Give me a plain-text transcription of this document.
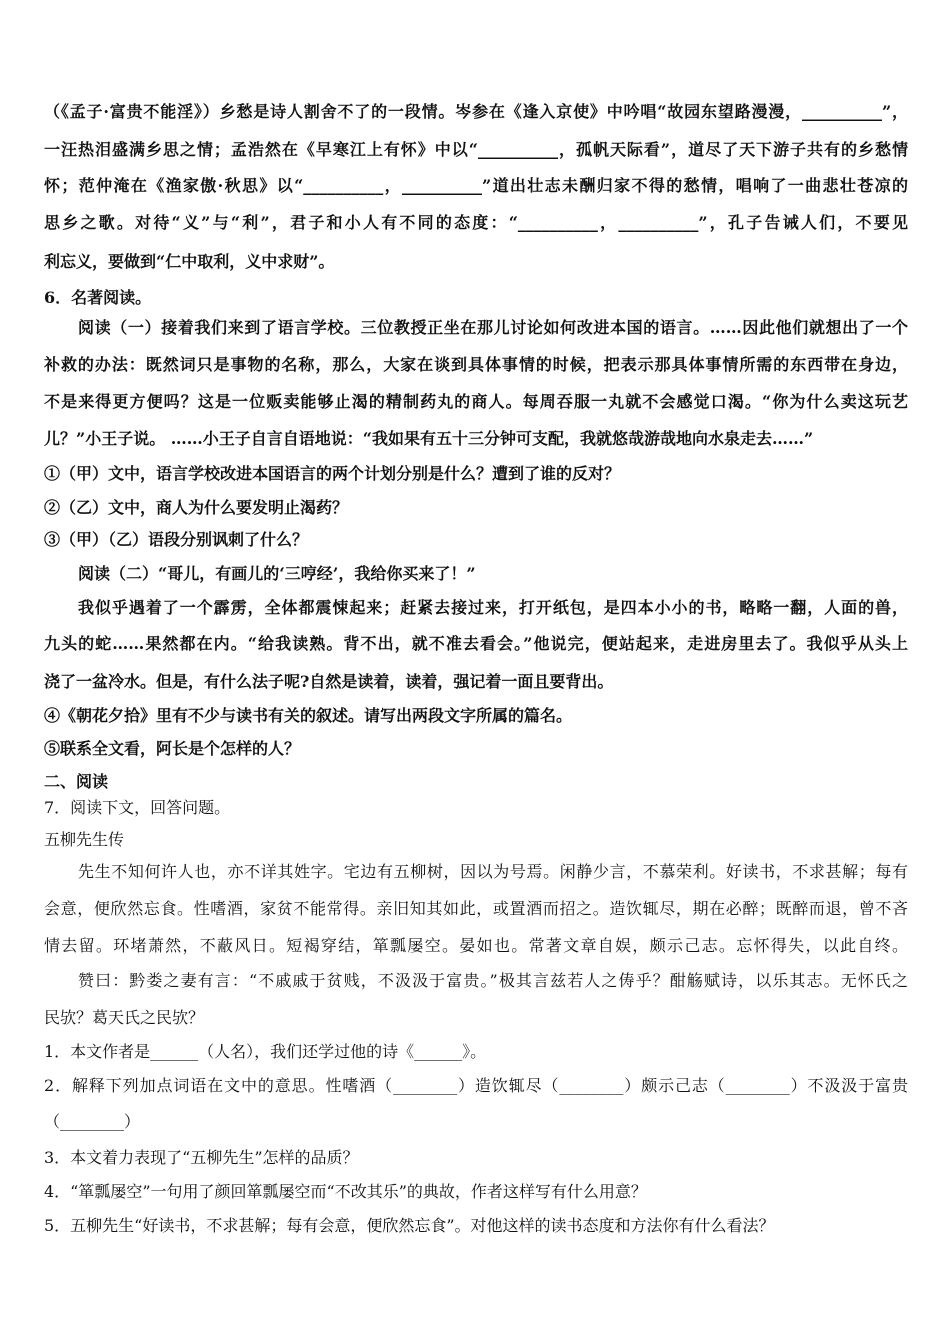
（《孟子·富贵不能淫》）乡愁是诗人割舍不了的一段情。岑参在《逢入京使》中吟唱“故园东望路漫漫，__________”，
一汪热泪盛满乡思之情；孟浩然在《早寒江上有怀》中以“__________，孤帆天际看”，道尽了天下游子共有的乡愁情
怀；范仲淹在《渔家傲·秋思》以“__________，__________”道出壮志未酬归家不得的愁情，唱响了一曲悲壮苍凉的
思乡之歌。对待“义”与“利”，君子和小人有不同的态度：“__________，__________”，孔子告诫人们，不要见
利忘义，要做到“仁中取利，义中求财”。
6．名著阅读。
阅读（一）接着我们来到了语言学校。三位教授正坐在那儿讨论如何改进本国的语言。……因此他们就想出了一个
补救的办法：既然词只是事物的名称，那么，大家在谈到具体事情的时候，把表示那具体事情所需的东西带在身边，
不是来得更方便吗？这是一位贩卖能够止渴的精制药丸的商人。每周吞服一丸就不会感觉口渴。“你为什么卖这玩艺
儿？”小王子说。 ……小王子自言自语地说：“我如果有五十三分钟可支配，我就悠哉游哉地向水泉走去……”
①（甲）文中，语言学校改进本国语言的两个计划分别是什么？遭到了谁的反对？
②（乙）文中，商人为什么要发明止渴药？
③（甲）（乙）语段分别讽刺了什么？
阅读（二）“哥儿，有画儿的‘三哼经’，我给你买来了！”
我似乎遇着了一个霹雳，全体都震悚起来；赶紧去接过来，打开纸包，是四本小小的书，略略一翻，人面的兽，
九头的蛇……果然都在内。“给我读熟。背不出，就不准去看会。”他说完，便站起来，走进房里去了。我似乎从头上
浇了一盆冷水。但是，有什么法子呢?自然是读着，读着，强记着一面且要背出。
④《朝花夕拾》里有不少与读书有关的叙述。请写出两段文字所属的篇名。
⑤联系全文看，阿长是个怎样的人？
二、阅读
7．阅读下文，回答问题。
五柳先生传
先生不知何许人也，亦不详其姓字。宅边有五柳树，因以为号焉。闲静少言，不慕荣利。好读书，不求甚解；每有
会意，便欣然忘食。性嗜酒，家贫不能常得。亲旧知其如此，或置酒而招之。造饮辄尽，期在必醉；既醉而退，曾不吝
情去留。环堵萧然，不蔽风日。短褐穿结，箪瓢屡空。晏如也。常著文章自娱，颇示己志。忘怀得失，以此自终。
赞曰：黔娄之妻有言：“不戚戚于贫贱，不汲汲于富贵。”极其言兹若人之俦乎？酣觞赋诗，以乐其志。无怀氏之
民欤？葛天氏之民欤？
1．本文作者是______（人名），我们还学过他的诗《______》。
2．解释下列加点词语在文中的意思。性嗜酒（________）造饮辄尽（________）颇示己志（________）不汲汲于富贵
（________）
3．本文着力表现了“五柳先生”怎样的品质？
4．“箪瓢屡空”一句用了颜回箪瓢屡空而“不改其乐”的典故，作者这样写有什么用意？
5．五柳先生“好读书，不求甚解；每有会意，便欣然忘食”。对他这样的读书态度和方法你有什么看法？
